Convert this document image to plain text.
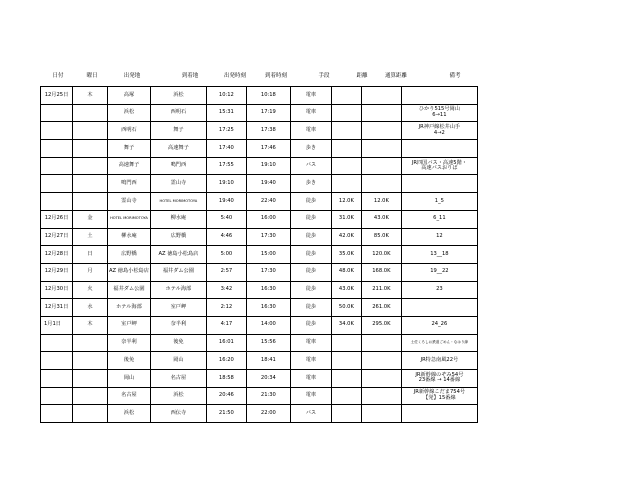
日付	曜日	出発地	到着地	出発時刻	到着時刻	手段	距離	通算距離	備考
12月25日	木	高塚	浜松	10:12	10:18	電車			
		浜松	西明石	15:31	17:19	電車			ひかり515号岡山
6→11
		西明石	舞子	17:25	17:38	電車			JR神戸線松井山手
4→2
		舞子	高速舞子	17:40	17:46	歩き			
		高速舞子	鳴門西	17:55	19:10	バス			JR四国バス・高速5階・
高速バスおりば
		鳴門西	霊山寺	19:10	19:40	歩き			
		霊山寺	HOTEL MORIMOTOYA	19:40	22:40	徒歩	12.0K	12.0K	1_5
12月26日	金	HOTEL MORIMOTOYA	柳水庵	5:40	16:00	徒歩	31.0K	43.0K	6_11
12月27日	土	柳水庵	広野橋	4:46	17:30	徒歩	42.0K	85.0K	12
12月28日	日	広野橋	AZ 徳島小松島店	5:00	15:00	徒歩	35.0K	120.0K	13__18
12月29日	月	AZ 徳島小松島店	福井ダム公園	2:57	17:30	徒歩	48.0K	168.0K	19__22
12月30日	火	福井ダム公園	ホテル海部	3:42	16:30	徒歩	43.0K	211.0K	23
12月31日	水	ホテル海部	室戸岬	2:12	16:30	徒歩	50.0K	261.0K	
1月1日	木	室戸岬	奈半利	4:17	14:00	徒歩	34.0K	295.0K	24_26
		奈半利	後免	16:01	15:56	電車			土佐くろしお鉄道ごめん・なはり線
		後免	岡山	16:20	18:41	電車			JR特急南風22号
		岡山	名古屋	18:58	20:34	電車			JR新幹線のぞみ54号
23番線 → 14番線
		名古屋	浜松	20:46	21:30	電車			JR新幹線こだま754号
【発】15番線
		浜松	西伝寺	21:50	22:00	バス			
